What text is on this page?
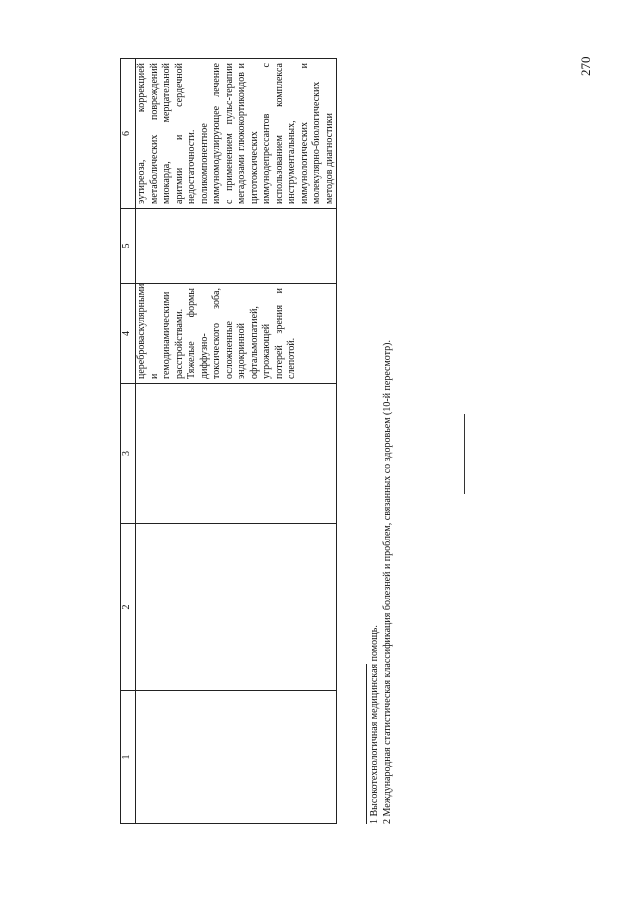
270
1	2	3	4	5	6
			цереброваскулярными и гемодинамическими расстройствами. Тяжелые формы диффузно-токсического зоба, осложненные эндокринной офтальмопатией, угрожающей потерей зрения и слепотой.		эутиреоза, коррекцией метаболических повреждений миокарда, мерцательной аритмии и сердечной недостаточности. поликомпонентное иммуномодулирующее лечение с применением пульс-терапии мегадозами глюкокортикоидов и цитотоксических иммунодепрессантов с использованием комплекса инструментальных, иммунологических и молекулярно-биологических методов диагностики
1 Высокотехнологичная медицинская помощь. 2 Международная статистическая классификация болезней и проблем, связанных со здоровьем (10-й пересмотр).
